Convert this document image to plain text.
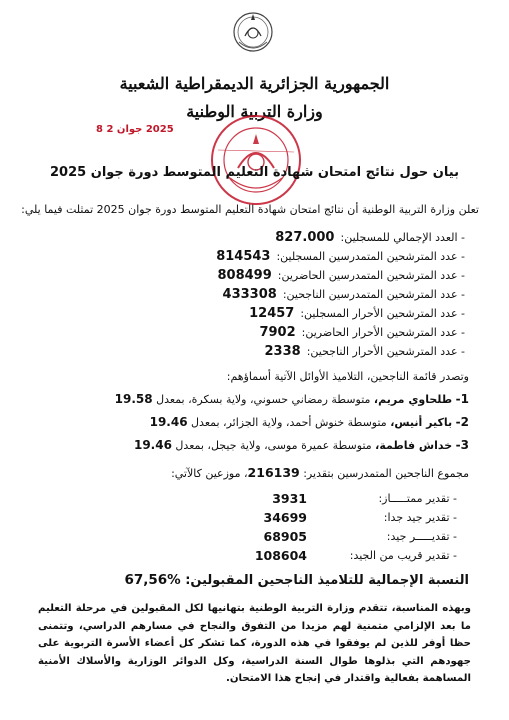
الجمهورية الجزائرية الديمقراطية الشعبية
وزارة التربية الوطنية
2025 جوان 2 8
بيان حول نتائج امتحان شهادة التعليم المتوسط دورة جوان 2025
تعلن وزارة التربية الوطنية أن نتائج امتحان شهادة التعليم المتوسط دورة جوان 2025 تمثلت فيما يلي:
- العدد الإجمالي للمسجلين:827.000
- عدد المترشحين المتمدرسين المسجلين:814543
- عدد المترشحين المتمدرسين الحاضرين:808499
- عدد المترشحين المتمدرسين الناجحين:433308
- عدد المترشحين الأحرار المسجلين:12457
- عدد المترشحين الأحرار الحاضرين:7902
- عدد المترشحين الأحرار الناجحين:2338
وتصدر قائمة الناجحين، التلاميذ الأوائل الآتية أسماؤهم:
1- طلحاوي مريم، متوسطة رمضاني حسوني، ولاية بسكرة، بمعدل 19.58
2- باكير أنيس، متوسطة خنوش أحمد، ولاية الجزائر، بمعدل 19.46
3- خداش فاطمة، متوسطة عميرة موسى، ولاية جيجل، بمعدل 19.46
مجموع الناجحين المتمدرسين بتقدير: 216139، موزعين كالآتي:
- تقدير ممتـــــاز:
3931
- تقدير جيد جدا:
34699
- تقديـــــر جيد:
68905
- تقدير قريب من الجيد:
108604
النسبة الإجمالية للتلاميذ الناجحين المقبولين: %67,56
وبهذه المناسبة، تتقدم وزارة التربية الوطنية بتهانيها لكل المقبولين في مرحلة التعليم ما بعد الإلزامي متمنية لهم مزيدا من التفوق والنجاح في مسارهم الدراسي، وتتمنى حظا أوفر للذين لم يوفقوا في هذه الدورة، كما تشكر كل أعضاء الأسرة التربوية على جهودهم التي بذلوها طوال السنة الدراسية، وكل الدوائر الوزارية والأسلاك الأمنية المساهمة بفعالية واقتدار في إنجاح هذا الامتحان.
